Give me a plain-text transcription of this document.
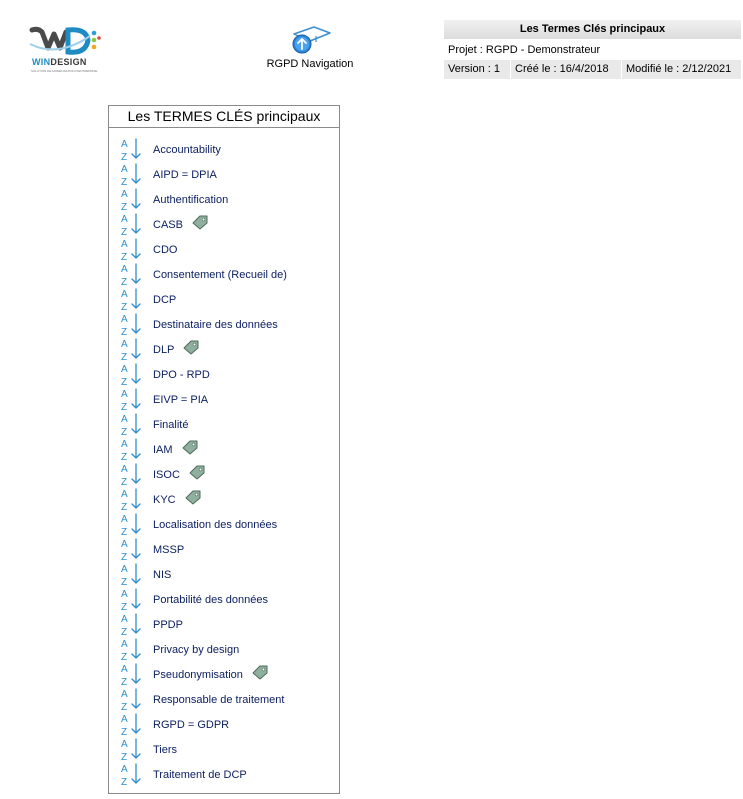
WINDESIGN
SOLUTION DE MODÉLISATION D'ENTREPRISE
RGPD Navigation
Les Termes Clés principaux
Projet : RGPD - Demonstrateur
Version : 1	Créé le : 16/4/2018	Modifié le : 2/12/2021
Les TERMES CLÉS principaux
A
Z
Accountability
A
Z
AIPD = DPIA
A
Z
Authentification
A
Z
CASB
A
Z
CDO
A
Z
Consentement (Recueil de)
A
Z
DCP
A
Z
Destinataire des données
A
Z
DLP
A
Z
DPO - RPD
A
Z
EIVP = PIA
A
Z
Finalité
A
Z
IAM
A
Z
ISOC
A
Z
KYC
A
Z
Localisation des données
A
Z
MSSP
A
Z
NIS
A
Z
Portabilité des données
A
Z
PPDP
A
Z
Privacy by design
A
Z
Pseudonymisation
A
Z
Responsable de traitement
A
Z
RGPD = GDPR
A
Z
Tiers
A
Z
Traitement de DCP
